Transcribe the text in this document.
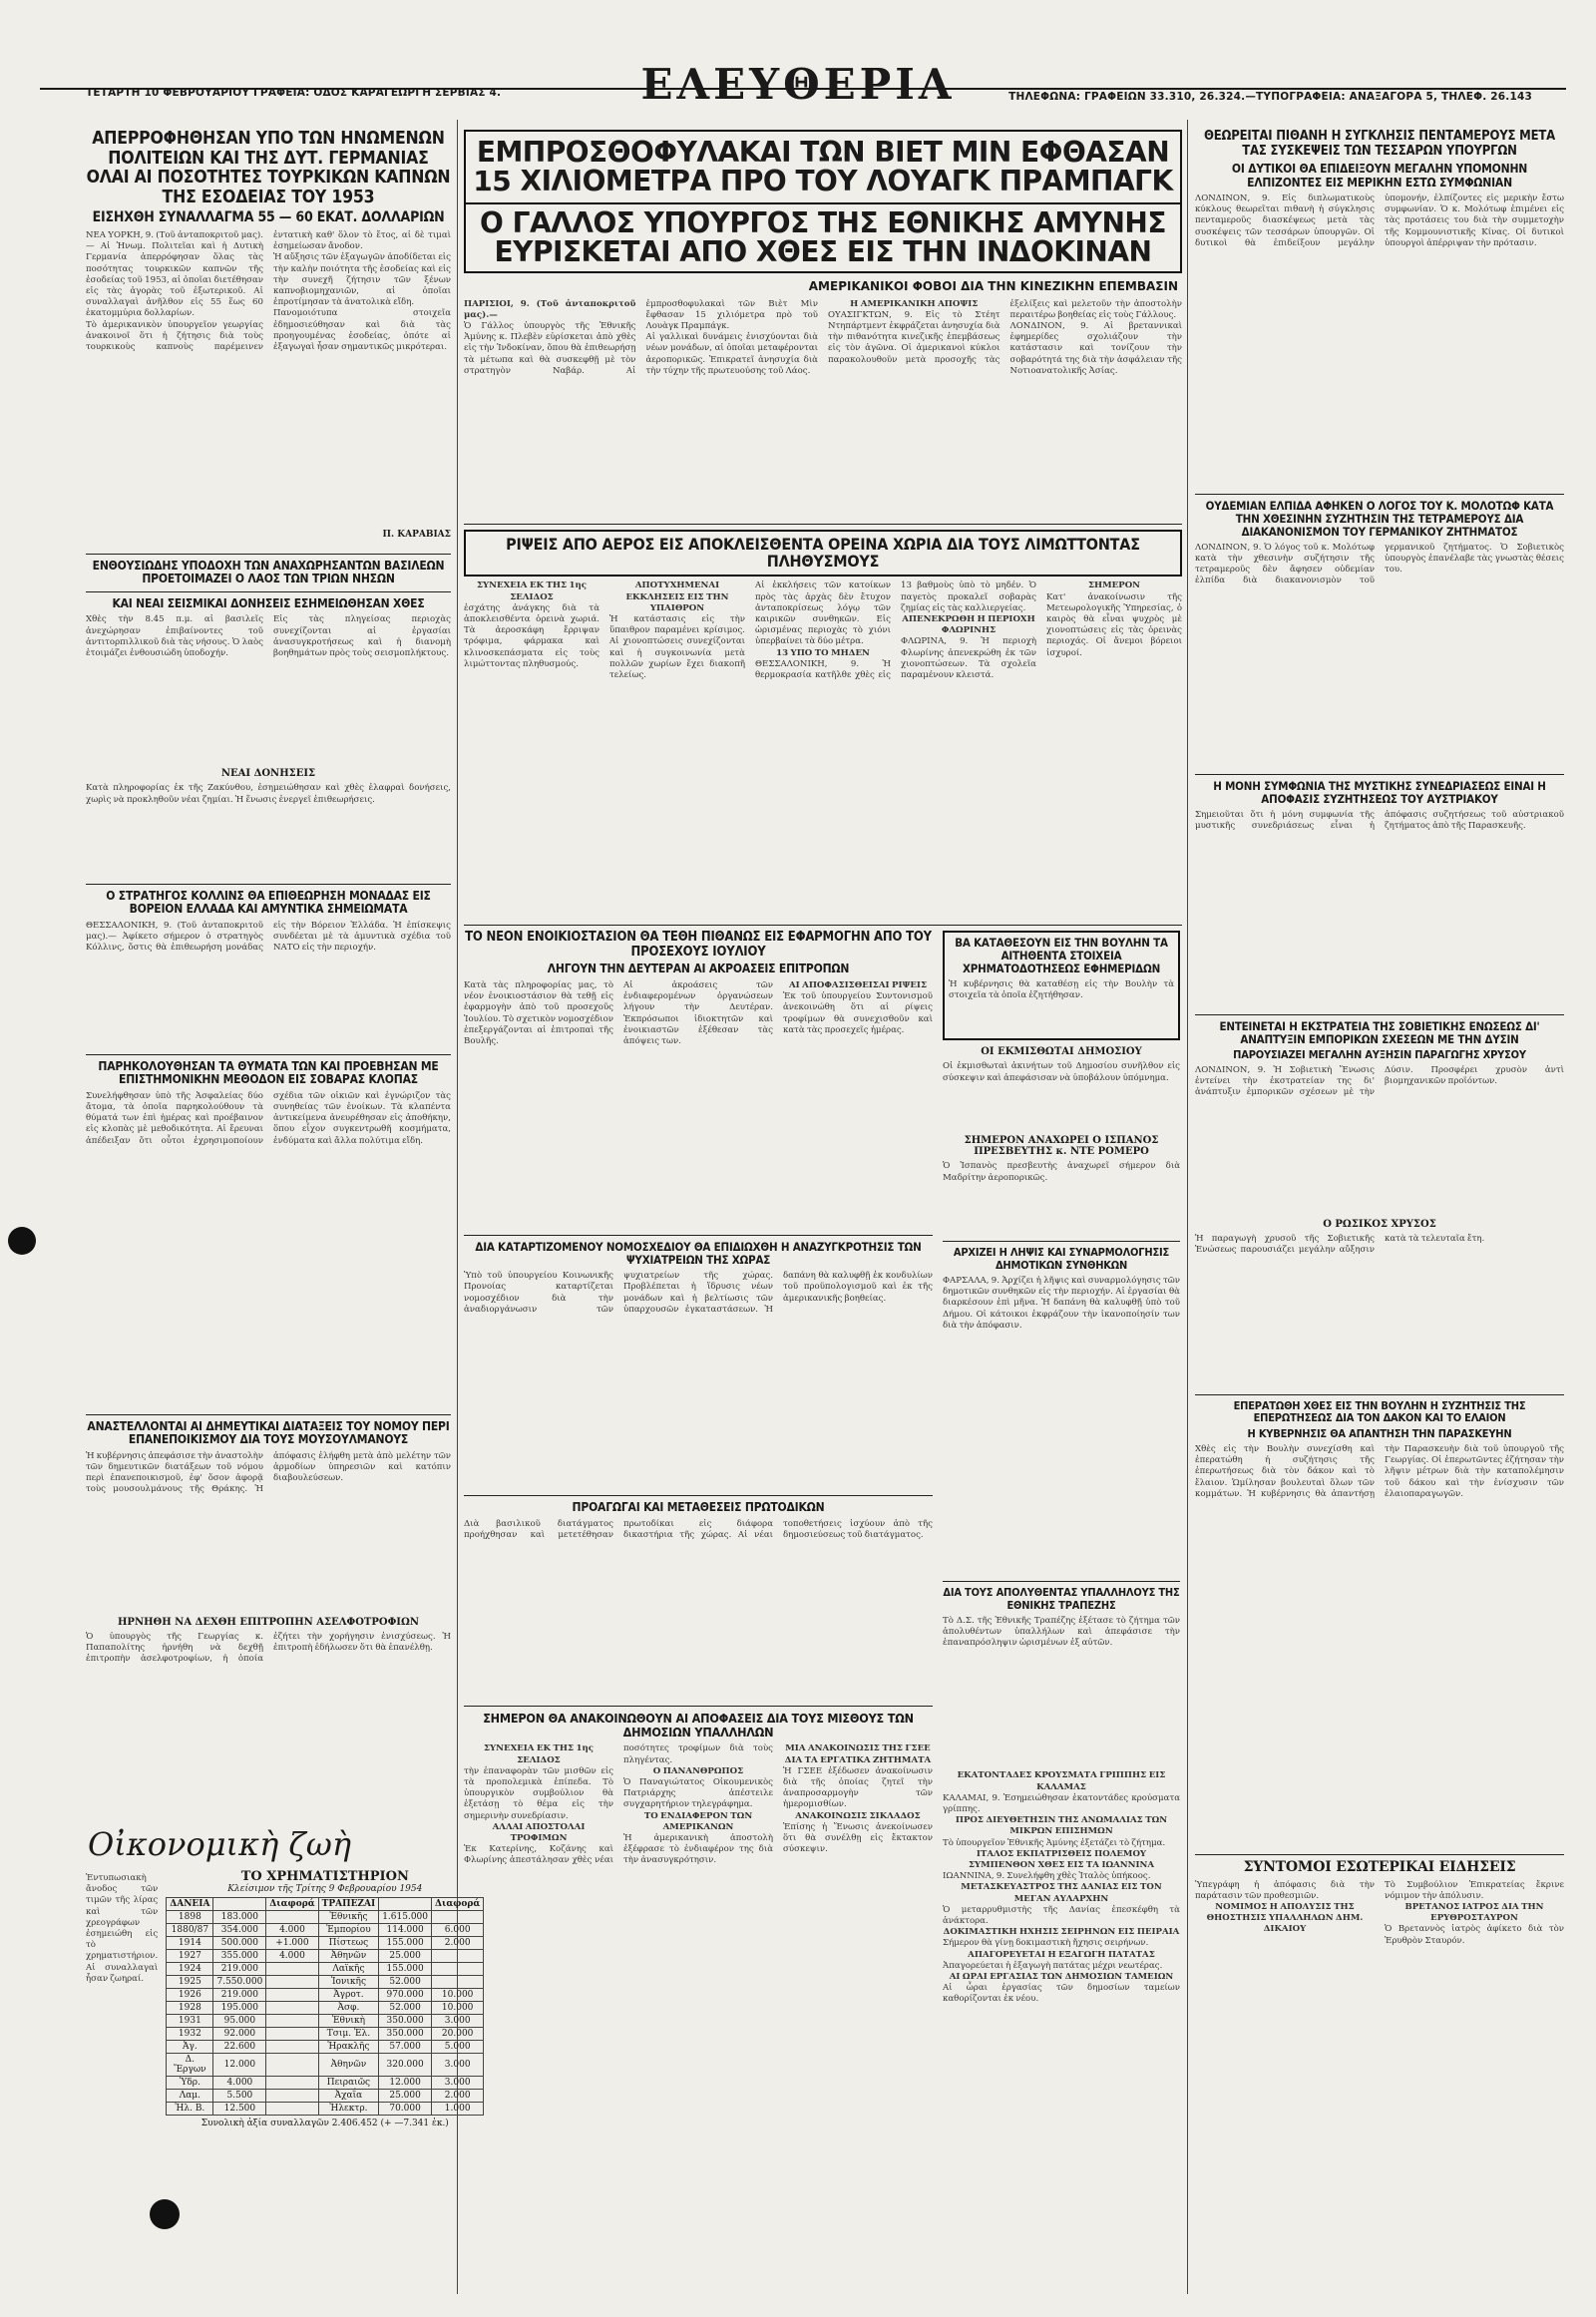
ΤΕΤΑΡΤΗ 10 ΦΕΒΡΟΥΑΡΙΟΥ ΓΡΑΦΕΙΑ: ΟΔΟΣ ΚΑΡΑΓΕΩΡΓΗ ΣΕΡΒΙΑΣ 4.	ΕΛΕΥΘΕΡΙΑ	ΤΗΛΕΦΩΝΑ: ΓΡΑΦΕΙΩΝ 33.310, 26.324.—ΤΥΠΟΓΡΑΦΕΙΑ: ΑΝΑΞΑΓΟΡΑ 5, ΤΗΛΕΦ. 26.143
ΑΠΕΡΡΟΦΗΘΗΣΑΝ ΥΠΟ ΤΩΝ ΗΝΩΜΕΝΩΝ ΠΟΛΙΤΕΙΩΝ ΚΑΙ ΤΗΣ ΔΥΤ. ΓΕΡΜΑΝΙΑΣ ΟΛΑΙ ΑΙ ΠΟΣΟΤΗΤΕΣ ΤΟΥΡΚΙΚΩΝ ΚΑΠΝΩΝ ΤΗΣ ΕΣΟΔΕΙΑΣ ΤΟΥ 1953
ΕΙΣΗΧΘΗ ΣΥΝΑΛΛΑΓΜΑ 55 — 60 ΕΚΑΤ. ΔΟΛΛΑΡΙΩΝ
ΝΕΑ ΥΟΡΚΗ, 9. (Τοῦ ἀνταποκριτοῦ μας).— Αἱ Ἡνωμ. Πολιτεῖαι καὶ ἡ Δυτικὴ Γερμανία ἀπερρόφησαν ὅλας τὰς ποσότητας τουρκικῶν καπνῶν τῆς ἐσοδείας τοῦ 1953, αἱ ὁποῖαι διετέθησαν εἰς τὰς ἀγορὰς τοῦ ἐξωτερικοῦ. Αἱ συναλλαγαὶ ἀνῆλθον εἰς 55 ἕως 60 ἑκατομμύρια δολλαρίων.
Τὸ ἀμερικανικὸν ὑπουργεῖον γεωργίας ἀνακοινοῖ ὅτι ἡ ζήτησις διὰ τοὺς τουρκικοὺς καπνοὺς παρέμεινεν ἐντατικὴ καθ' ὅλον τὸ ἔτος, αἱ δὲ τιμαὶ ἐσημείωσαν ἄνοδον.
Ἡ αὔξησις τῶν ἐξαγωγῶν ἀποδίδεται εἰς τὴν καλὴν ποιότητα τῆς ἐσοδείας καὶ εἰς τὴν συνεχῆ ζήτησιν τῶν ξένων καπνοβιομηχανιῶν, αἱ ὁποῖαι ἐπροτίμησαν τὰ ἀνατολικὰ εἴδη.
Πανομοιότυπα στοιχεῖα ἐδημοσιεύθησαν καὶ διὰ τὰς προηγουμένας ἐσοδείας, ὁπότε αἱ ἐξαγωγαὶ ἦσαν σημαντικῶς μικρότεραι.
Π. ΚΑΡΑΒΙΑΣ
ΕΝΘΟΥΣΙΩΔΗΣ ΥΠΟΔΟΧΗ ΤΩΝ ΑΝΑΧΩΡΗΣΑΝΤΩΝ ΒΑΣΙΛΕΩΝ ΠΡΟΕΤΟΙΜΑΖΕΙ Ο ΛΑΟΣ ΤΩΝ ΤΡΙΩΝ ΝΗΣΩΝ
ΚΑΙ ΝΕΑΙ ΣΕΙΣΜΙΚΑΙ ΔΟΝΗΣΕΙΣ ΕΣΗΜΕΙΩΘΗΣΑΝ ΧΘΕΣ
Χθὲς τὴν 8.45 π.μ. αἱ βασιλεῖς ἀνεχώρησαν ἐπιβαίνοντες τοῦ ἀντιτορπιλλικοῦ διὰ τὰς νήσους. Ὁ λαὸς ἑτοιμάζει ἐνθουσιώδη ὑποδοχήν.
Εἰς τὰς πληγείσας περιοχὰς συνεχίζονται αἱ ἐργασίαι ἀνασυγκροτήσεως καὶ ἡ διανομὴ βοηθημάτων πρὸς τοὺς σεισμοπλήκτους.
ΝΕΑΙ ΔΟΝΗΣΕΙΣ
Κατὰ πληροφορίας ἐκ τῆς Ζακύνθου, ἐσημειώθησαν καὶ χθὲς ἐλαφραὶ δονήσεις, χωρὶς νὰ προκληθοῦν νέαι ζημίαι. Ἡ ἕνωσις ἐνεργεῖ ἐπιθεωρήσεις.
Ο ΣΤΡΑΤΗΓΟΣ ΚΟΛΛΙΝΣ ΘΑ ΕΠΙΘΕΩΡΗΣΗ ΜΟΝΑΔΑΣ ΕΙΣ ΒΟΡΕΙΟΝ ΕΛΛΑΔΑ ΚΑΙ ΑΜΥΝΤΙΚΑ ΣΗΜΕΙΩΜΑΤΑ
ΘΕΣΣΑΛΟΝΙΚΗ, 9. (Τοῦ ἀνταποκριτοῦ μας).— Ἀφίκετο σήμερον ὁ στρατηγὸς Κόλλινς, ὅστις θὰ ἐπιθεωρήση μονάδας εἰς τὴν Βόρειον Ἑλλάδα. Ἡ ἐπίσκεψις συνδέεται μὲ τὰ ἀμυντικὰ σχέδια τοῦ ΝΑΤΟ εἰς τὴν περιοχήν.
ΠΑΡΗΚΟΛΟΥΘΗΣΑΝ ΤΑ ΘΥΜΑΤΑ ΤΩΝ ΚΑΙ ΠΡΟΕΒΗΣΑΝ ΜΕ ΕΠΙΣΤΗΜΟΝΙΚΗΝ ΜΕΘΟΔΟΝ ΕΙΣ ΣΟΒΑΡΑΣ ΚΛΟΠΑΣ
Συνελήφθησαν ὑπὸ τῆς Ἀσφαλείας δύο ἄτομα, τὰ ὁποῖα παρηκολούθουν τὰ θύματά των ἐπὶ ἡμέρας καὶ προέβαινον εἰς κλοπὰς μὲ μεθοδικότητα. Αἱ ἔρευναι ἀπέδειξαν ὅτι οὗτοι ἐχρησιμοποίουν σχέδια τῶν οἰκιῶν καὶ ἐγνώριζον τὰς συνηθείας τῶν ἐνοίκων. Τὰ κλαπέντα ἀντικείμενα ἀνευρέθησαν εἰς ἀποθήκην, ὅπου εἶχον συγκεντρωθῆ κοσμήματα, ἐνδύματα καὶ ἄλλα πολύτιμα εἴδη.
ΑΝΑΣΤΕΛΛΟΝΤΑΙ ΑΙ ΔΗΜΕΥΤΙΚΑΙ ΔΙΑΤΑΞΕΙΣ ΤΟΥ ΝΟΜΟΥ ΠΕΡΙ ΕΠΑΝΕΠΟΙΚΙΣΜΟΥ ΔΙΑ ΤΟΥΣ ΜΟΥΣΟΥΛΜΑΝΟΥΣ
Ἡ κυβέρνησις ἀπεφάσισε τὴν ἀναστολὴν τῶν δημευτικῶν διατάξεων τοῦ νόμου περὶ ἐπανεποικισμοῦ, ἐφ' ὅσον ἀφορᾷ τοὺς μουσουλμάνους τῆς Θράκης. Ἡ ἀπόφασις ἐλήφθη μετὰ ἀπὸ μελέτην τῶν ἁρμοδίων ὑπηρεσιῶν καὶ κατόπιν διαβουλεύσεων.
ΗΡΝΗΘΗ ΝΑ ΔΕΧΘΗ ΕΠΙΤΡΟΠΗΝ ΑΣΕΛΦΟΤΡΟΦΙΩΝ
Ὁ ὑπουργὸς τῆς Γεωργίας κ. Παπαπολίτης ἠρνήθη νὰ δεχθῇ ἐπιτροπὴν ἀσελφοτροφίων, ἡ ὁποία ἐζήτει τὴν χορήγησιν ἐνισχύσεως. Ἡ ἐπιτροπὴ ἐδήλωσεν ὅτι θὰ ἐπανέλθῃ.
Οἰκονομικὴ ζωὴ
Ἐντυπωσιακὴ ἄνοδος τῶν τιμῶν τῆς λίρας καὶ τῶν χρεογράφων ἐσημειώθη εἰς τὸ χρηματιστήριον. Αἱ συναλλαγαὶ ἦσαν ζωηραί.
ΤΟ ΧΡΗΜΑΤΙΣΤΗΡΙΟΝ
Κλείσιμον τῆς Τρίτης 9 Φεβρουαρίου 1954
ΔΑΝΕΙΑ		Διαφορά	ΤΡΑΠΕΖΑΙ		Διαφορά
1898	183.000		Ἐθνικῆς	1.615.000	
1880/87	354.000	4.000	Ἐμπορίου	114.000	6.000
1914	500.000	+1.000	Πίστεως	155.000	2.000
1927	355.000	4.000	Ἀθηνῶν	25.000	
1924	219.000		Λαϊκῆς	155.000	
1925	7.550.000		Ἰονικῆς	52.000	
1926	219.000		Ἀγροτ.	970.000	10.000
1928	195.000		Ἀσφ.	52.000	10.000
1931	95.000		Ἐθνικὴ	350.000	3.000
1932	92.000		Τσιμ. Ἑλ.	350.000	20.000
Ἀγ.	22.600		Ἡρακλῆς	57.000	5.000
Δ. Ἔργων	12.000		Ἀθηνῶν	320.000	3.000
Ὑδρ.	4.000		Πειραιῶς	12.000	3.000
Λαμ.	5.500		Ἀχαΐα	25.000	2.000
Ἠλ. Β.	12.500		Ἠλεκτρ.	70.000	1.000
Συνολικὴ ἀξία συναλλαγῶν 2.406.452 (+ —7.341 ἐκ.)
ΕΜΠΡΟΣΘΟΦΥΛΑΚΑΙ ΤΩΝ ΒΙΕΤ ΜΙΝ ΕΦΘΑΣΑΝ 15 ΧΙΛΙΟΜΕΤΡΑ ΠΡΟ ΤΟΥ ΛΟΥΑΓΚ ΠΡΑΜΠΑΓΚ
Ο ΓΑΛΛΟΣ ΥΠΟΥΡΓΟΣ ΤΗΣ ΕΘΝΙΚΗΣ ΑΜΥΝΗΣ ΕΥΡΙΣΚΕΤΑΙ ΑΠΟ ΧΘΕΣ ΕΙΣ ΤΗΝ ΙΝΔΟΚΙΝΑΝ
ΑΜΕΡΙΚΑΝΙΚΟΙ ΦΟΒΟΙ ΔΙΑ ΤΗΝ ΚΙΝΕΖΙΚΗΝ ΕΠΕΜΒΑΣΙΝ
ΠΑΡΙΣΙΟΙ, 9. (Τοῦ ἀνταποκριτοῦ μας).—
Ὁ Γάλλος ὑπουργὸς τῆς Ἐθνικῆς Ἀμύνης κ. Πλεβὲν εὑρίσκεται ἀπὸ χθὲς εἰς τὴν Ἰνδοκίναν, ὅπου θὰ ἐπιθεωρήσῃ τὰ μέτωπα καὶ θὰ συσκεφθῇ μὲ τὸν στρατηγὸν Ναβάρ. Αἱ ἐμπροσθοφυλακαὶ τῶν Βιὲτ Μὶν ἔφθασαν 15 χιλιόμετρα πρὸ τοῦ Λουὰγκ Πραμπάγκ.
Αἱ γαλλικαὶ δυνάμεις ἐνισχύονται διὰ νέων μονάδων, αἱ ὁποῖαι μεταφέρονται ἀεροπορικῶς. Ἐπικρατεῖ ἀνησυχία διὰ τὴν τύχην τῆς πρωτευούσης τοῦ Λάος.
Η ΑΜΕΡΙΚΑΝΙΚΗ ΑΠΟΨΙΣ
ΟΥΑΣΙΓΚΤΩΝ, 9. Εἰς τὸ Στέητ Ντηπάρτμεντ ἐκφράζεται ἀνησυχία διὰ τὴν πιθανότητα κινεζικῆς ἐπεμβάσεως εἰς τὸν ἀγῶνα. Οἱ ἀμερικανοὶ κύκλοι παρακολουθοῦν μετὰ προσοχῆς τὰς ἐξελίξεις καὶ μελετοῦν τὴν ἀποστολὴν περαιτέρω βοηθείας εἰς τοὺς Γάλλους.
ΛΟΝΔΙΝΟΝ, 9. Αἱ βρεταννικαὶ ἐφημερίδες σχολιάζουν τὴν κατάστασιν καὶ τονίζουν τὴν σοβαρότητά της διὰ τὴν ἀσφάλειαν τῆς Νοτιοανατολικῆς Ἀσίας.
ΡΙΨΕΙΣ ΑΠΟ ΑΕΡΟΣ ΕΙΣ ΑΠΟΚΛΕΙΣΘΕΝΤΑ ΟΡΕΙΝΑ ΧΩΡΙΑ ΔΙΑ ΤΟΥΣ ΛΙΜΩΤΤΟΝΤΑΣ ΠΛΗΘΥΣΜΟΥΣ
ΣΥΝΕΧΕΙΑ ΕΚ ΤΗΣ 1ης ΣΕΛΙΔΟΣ
ἐσχάτης ἀνάγκης διὰ τὰ ἀποκλεισθέντα ὀρεινὰ χωριά. Τὰ ἀεροσκάφη ἔρριψαν τρόφιμα, φάρμακα καὶ κλινοσκεπάσματα εἰς τοὺς λιμώττοντας πληθυσμούς.
ΑΠΟΤΥΧΗΜΕΝΑΙ ΕΚΚΛΗΣΕΙΣ ΕΙΣ ΤΗΝ ΥΠΑΙΘΡΟΝ
Ἡ κατάστασις εἰς τὴν ὕπαιθρον παραμένει κρίσιμος. Αἱ χιονοπτώσεις συνεχίζονται καὶ ἡ συγκοινωνία μετὰ πολλῶν χωρίων ἔχει διακοπῆ τελείως.
Αἱ ἐκκλήσεις τῶν κατοίκων πρὸς τὰς ἀρχὰς δὲν ἔτυχον ἀνταποκρίσεως λόγῳ τῶν καιρικῶν συνθηκῶν. Εἰς ὡρισμένας περιοχὰς τὸ χιόνι ὑπερβαίνει τὰ δύο μέτρα.
13 ΥΠΟ ΤΟ ΜΗΔΕΝ
ΘΕΣΣΑΛΟΝΙΚΗ, 9. Ἡ θερμοκρασία κατῆλθε χθὲς εἰς 13 βαθμοὺς ὑπὸ τὸ μηδέν. Ὁ παγετὸς προκαλεῖ σοβαρὰς ζημίας εἰς τὰς καλλιεργείας.
ΑΠΕΝΕΚΡΩΘΗ Η ΠΕΡΙΟΧΗ ΦΛΩΡΙΝΗΣ
ΦΛΩΡΙΝΑ, 9. Ἡ περιοχὴ Φλωρίνης ἀπενεκρώθη ἐκ τῶν χιονοπτώσεων. Τὰ σχολεῖα παραμένουν κλειστά.
ΣΗΜΕΡΟΝ
Κατ' ἀνακοίνωσιν τῆς Μετεωρολογικῆς Ὑπηρεσίας, ὁ καιρὸς θὰ εἶναι ψυχρὸς μὲ χιονοπτώσεις εἰς τὰς ὀρεινὰς περιοχάς. Οἱ ἄνεμοι βόρειοι ἰσχυροί.
ΤΟ ΝΕΟΝ ΕΝΟΙΚΙΟΣΤΑΣΙΟΝ ΘΑ ΤΕΘΗ ΠΙΘΑΝΩΣ ΕΙΣ ΕΦΑΡΜΟΓΗΝ ΑΠΟ ΤΟΥ ΠΡΟΣΕΧΟΥΣ ΙΟΥΛΙΟΥ
ΛΗΓΟΥΝ ΤΗΝ ΔΕΥΤΕΡΑΝ ΑΙ ΑΚΡΟΑΣΕΙΣ ΕΠΙΤΡΟΠΩΝ
Κατὰ τὰς πληροφορίας μας, τὸ νέον ἐνοικιοστάσιον θὰ τεθῇ εἰς ἐφαρμογὴν ἀπὸ τοῦ προσεχοῦς Ἰουλίου. Τὸ σχετικὸν νομοσχέδιον ἐπεξεργάζονται αἱ ἐπιτροπαὶ τῆς Βουλῆς.
Αἱ ἀκροάσεις τῶν ἐνδιαφερομένων ὀργανώσεων λήγουν τὴν Δευτέραν. Ἐκπρόσωποι ἰδιοκτητῶν καὶ ἐνοικιαστῶν ἐξέθεσαν τὰς ἀπόψεις των.
ΑΙ ΑΠΟΦΑΣΙΣΘΕΙΣΑΙ ΡΙΨΕΙΣ
Ἐκ τοῦ ὑπουργείου Συντονισμοῦ ἀνεκοινώθη ὅτι αἱ ρίψεις τροφίμων θὰ συνεχισθοῦν καὶ κατὰ τὰς προσεχεῖς ἡμέρας.
ΔΙΑ ΚΑΤΑΡΤΙΖΟΜΕΝΟΥ ΝΟΜΟΣΧΕΔΙΟΥ ΘΑ ΕΠΙΔΙΩΧΘΗ Η ΑΝΑΖΥΓΚΡΟΤΗΣΙΣ ΤΩΝ ΨΥΧΙΑΤΡΕΙΩΝ ΤΗΣ ΧΩΡΑΣ
Ὑπὸ τοῦ ὑπουργείου Κοινωνικῆς Προνοίας καταρτίζεται νομοσχέδιον διὰ τὴν ἀναδιοργάνωσιν τῶν ψυχιατρείων τῆς χώρας. Προβλέπεται ἡ ἵδρυσις νέων μονάδων καὶ ἡ βελτίωσις τῶν ὑπαρχουσῶν ἐγκαταστάσεων. Ἡ δαπάνη θὰ καλυφθῇ ἐκ κονδυλίων τοῦ προϋπολογισμοῦ καὶ ἐκ τῆς ἀμερικανικῆς βοηθείας.
ΠΡΟΑΓΩΓΑΙ ΚΑΙ ΜΕΤΑΘΕΣΕΙΣ ΠΡΩΤΟΔΙΚΩΝ
Διὰ βασιλικοῦ διατάγματος προήχθησαν καὶ μετετέθησαν πρωτοδίκαι εἰς διάφορα δικαστήρια τῆς χώρας. Αἱ νέαι τοποθετήσεις ἰσχύουν ἀπὸ τῆς δημοσιεύσεως τοῦ διατάγματος.
ΣΗΜΕΡΟΝ ΘΑ ΑΝΑΚΟΙΝΩΘΟΥΝ ΑΙ ΑΠΟΦΑΣΕΙΣ ΔΙΑ ΤΟΥΣ ΜΙΣΘΟΥΣ ΤΩΝ ΔΗΜΟΣΙΩΝ ΥΠΑΛΛΗΛΩΝ
ΣΥΝΕΧΕΙΑ ΕΚ ΤΗΣ 1ης ΣΕΛΙΔΟΣ
τὴν ἐπαναφορὰν τῶν μισθῶν εἰς τὰ προπολεμικὰ ἐπίπεδα. Τὸ ὑπουργικὸν συμβούλιον θὰ ἐξετάσῃ τὸ θέμα εἰς τὴν σημερινὴν συνεδρίασιν.
ΑΛΛΑΙ ΑΠΟΣΤΟΛΑΙ ΤΡΟΦΙΜΩΝ
Ἐκ Κατερίνης, Κοζάνης καὶ Φλωρίνης ἀπεστάλησαν χθὲς νέαι ποσότητες τροφίμων διὰ τοὺς πληγέντας.
Ο ΠΑΝΑΝΘΡΩΠΟΣ
Ὁ Παναγιώτατος Οἰκουμενικὸς Πατριάρχης ἀπέστειλε συγχαρητήριον τηλεγράφημα.
ΤΟ ΕΝΔΙΑΦΕΡΟΝ ΤΩΝ ΑΜΕΡΙΚΑΝΩΝ
Ἡ ἀμερικανικὴ ἀποστολὴ ἐξέφρασε τὸ ἐνδιαφέρον της διὰ τὴν ἀνασυγκρότησιν.
ΜΙΑ ΑΝΑΚΟΙΝΩΣΙΣ ΤΗΣ ΓΣΕΕ ΔΙΑ ΤΑ ΕΡΓΑΤΙΚΑ ΖΗΤΗΜΑΤΑ
Ἡ ΓΣΕΕ ἐξέδωσεν ἀνακοίνωσιν διὰ τῆς ὁποίας ζητεῖ τὴν ἀναπροσαρμογὴν τῶν ἡμερομισθίων.
ΑΝΑΚΟΙΝΩΣΙΣ ΣΙΚΛΑΔΟΣ
Ἐπίσης ἡ Ἕνωσις ἀνεκοίνωσεν ὅτι θὰ συνέλθῃ εἰς ἔκτακτον σύσκεψιν.
ΒΑ ΚΑΤΑΘΕΣΟΥΝ ΕΙΣ ΤΗΝ ΒΟΥΛΗΝ ΤΑ ΑΙΤΗΘΕΝΤΑ ΣΤΟΙΧΕΙΑ ΧΡΗΜΑΤΟΔΟΤΗΣΕΩΣ ΕΦΗΜΕΡΙΔΩΝ
Ἡ κυβέρνησις θὰ καταθέσῃ εἰς τὴν Βουλὴν τὰ στοιχεῖα τὰ ὁποῖα ἐζητήθησαν.
ΟΙ ΕΚΜΙΣΘΩΤΑΙ ΔΗΜΟΣΙΟΥ
Οἱ ἐκμισθωταὶ ἀκινήτων τοῦ Δημοσίου συνῆλθον εἰς σύσκεψιν καὶ ἀπεφάσισαν νὰ ὑποβάλουν ὑπόμνημα.
ΣΗΜΕΡΟΝ ΑΝΑΧΩΡΕΙ Ο ΙΣΠΑΝΟΣ ΠΡΕΣΒΕΥΤΗΣ κ. ΝΤΕ ΡΟΜΕΡΟ
Ὁ Ἱσπανὸς πρεσβευτὴς ἀναχωρεῖ σήμερον διὰ Μαδρίτην ἀεροπορικῶς.
ΑΡΧΙΖΕΙ Η ΛΗΨΙΣ ΚΑΙ ΣΥΝΑΡΜΟΛΟΓΗΣΙΣ ΔΗΜΟΤΙΚΩΝ ΣΥΝΘΗΚΩΝ
ΦΑΡΣΑΛΑ, 9. Ἀρχίζει ἡ λῆψις καὶ συναρμολόγησις τῶν δημοτικῶν συνθηκῶν εἰς τὴν περιοχήν. Αἱ ἐργασίαι θὰ διαρκέσουν ἐπὶ μῆνα. Ἡ δαπάνη θὰ καλυφθῇ ὑπὸ τοῦ Δήμου. Οἱ κάτοικοι ἐκφράζουν τὴν ἱκανοποίησίν των διὰ τὴν ἀπόφασιν.
ΔΙΑ ΤΟΥΣ ΑΠΟΛΥΘΕΝΤΑΣ ΥΠΑΛΛΗΛΟΥΣ ΤΗΣ ΕΘΝΙΚΗΣ ΤΡΑΠΕΖΗΣ
Τὸ Δ.Σ. τῆς Ἐθνικῆς Τραπέζης ἐξέτασε τὸ ζήτημα τῶν ἀπολυθέντων ὑπαλλήλων καὶ ἀπεφάσισε τὴν ἐπαναπρόσληψιν ὡρισμένων ἐξ αὐτῶν.
ΕΚΑΤΟΝΤΑΔΕΣ ΚΡΟΥΣΜΑΤΑ ΓΡΙΠΠΗΣ ΕΙΣ ΚΑΛΑΜΑΣ
ΚΑΛΑΜΑΙ, 9. Ἐσημειώθησαν ἑκατοντάδες κρούσματα γρίππης.
ΠΡΟΣ ΔΙΕΥΘΕΤΗΣΙΝ ΤΗΣ ΑΝΩΜΑΛΙΑΣ ΤΩΝ ΜΙΚΡΩΝ ΕΠΙΣΗΜΩΝ
Τὸ ὑπουργεῖον Ἐθνικῆς Ἀμύνης ἐξετάζει τὸ ζήτημα.
ΙΤΑΛΟΣ ΕΚΠΑΤΡΙΣΘΕΙΣ ΠΟΛΕΜΟΥ ΣΥΜΠΕΝΘΟΝ ΧΘΕΣ ΕΙΣ ΤΑ ΙΩΑΝΝΙΝΑ
ΙΩΑΝΝΙΝΑ, 9. Συνελήφθη χθὲς Ἰταλὸς ὑπήκοος.
ΜΕΤΑΣΚΕΥΑΣΤΡΟΣ ΤΗΣ ΔΑΝΙΑΣ ΕΙΣ ΤΟΝ ΜΕΓΑΝ ΑΥΛΑΡΧΗΝ
Ὁ μεταρρυθμιστὴς τῆς Δανίας ἐπεσκέφθη τὰ ἀνάκτορα.
ΔΟΚΙΜΑΣΤΙΚΗ ΗΧΗΣΙΣ ΣΕΙΡΗΝΩΝ ΕΙΣ ΠΕΙΡΑΙΑ
Σήμερον θὰ γίνῃ δοκιμαστικὴ ἤχησις σειρήνων.
ΑΠΑΓΟΡΕΥΕΤΑΙ Η ΕΞΑΓΩΓΗ ΠΑΤΑΤΑΣ
Ἀπαγορεύεται ἡ ἐξαγωγὴ πατάτας μέχρι νεωτέρας.
ΑΙ ΩΡΑΙ ΕΡΓΑΣΙΑΣ ΤΩΝ ΔΗΜΟΣΙΩΝ ΤΑΜΕΙΩΝ
Αἱ ὧραι ἐργασίας τῶν δημοσίων ταμείων καθορίζονται ἐκ νέου.
ΘΕΩΡΕΙΤΑΙ ΠΙΘΑΝΗ Η ΣΥΓΚΛΗΣΙΣ ΠΕΝΤΑΜΕΡΟΥΣ ΜΕΤΑ ΤΑΣ ΣΥΣΚΕΨΕΙΣ ΤΩΝ ΤΕΣΣΑΡΩΝ ΥΠΟΥΡΓΩΝ
ΟΙ ΔΥΤΙΚΟΙ ΘΑ ΕΠΙΔΕΙΞΟΥΝ ΜΕΓΑΛΗΝ ΥΠΟΜΟΝΗΝ ΕΛΠΙΖΟΝΤΕΣ ΕΙΣ ΜΕΡΙΚΗΝ ΕΣΤΩ ΣΥΜΦΩΝΙΑΝ
ΛΟΝΔΙΝΟΝ, 9. Εἰς διπλωματικοὺς κύκλους θεωρεῖται πιθανὴ ἡ σύγκλησις πενταμεροῦς διασκέψεως μετὰ τὰς συσκέψεις τῶν τεσσάρων ὑπουργῶν. Οἱ δυτικοὶ θὰ ἐπιδείξουν μεγάλην ὑπομονήν, ἐλπίζοντες εἰς μερικὴν ἔστω συμφωνίαν. Ὁ κ. Μολότωφ ἐπιμένει εἰς τὰς προτάσεις του διὰ τὴν συμμετοχὴν τῆς Κομμουνιστικῆς Κίνας. Οἱ δυτικοὶ ὑπουργοὶ ἀπέρριψαν τὴν πρότασιν.
ΟΥΔΕΜΙΑΝ ΕΛΠΙΔΑ ΑΦΗΚΕΝ Ο ΛΟΓΟΣ ΤΟΥ Κ. ΜΟΛΟΤΩΦ ΚΑΤΑ ΤΗΝ ΧΘΕΣΙΝΗΝ ΣΥΖΗΤΗΣΙΝ ΤΗΣ ΤΕΤΡΑΜΕΡΟΥΣ ΔΙΑ ΔΙΑΚΑΝΟΝΙΣΜΟΝ ΤΟΥ ΓΕΡΜΑΝΙΚΟΥ ΖΗΤΗΜΑΤΟΣ
ΛΟΝΔΙΝΟΝ, 9. Ὁ λόγος τοῦ κ. Μολότωφ κατὰ τὴν χθεσινὴν συζήτησιν τῆς τετραμεροῦς δὲν ἄφησεν οὐδεμίαν ἐλπίδα διὰ διακανονισμὸν τοῦ γερμανικοῦ ζητήματος. Ὁ Σοβιετικὸς ὑπουργὸς ἐπανέλαβε τὰς γνωστὰς θέσεις του.
Η ΜΟΝΗ ΣΥΜΦΩΝΙΑ ΤΗΣ ΜΥΣΤΙΚΗΣ ΣΥΝΕΔΡΙΑΣΕΩΣ ΕΙΝΑΙ Η ΑΠΟΦΑΣΙΣ ΣΥΖΗΤΗΣΕΩΣ ΤΟΥ ΑΥΣΤΡΙΑΚΟΥ
Σημειοῦται ὅτι ἡ μόνη συμφωνία τῆς μυστικῆς συνεδριάσεως εἶναι ἡ ἀπόφασις συζητήσεως τοῦ αὐστριακοῦ ζητήματος ἀπὸ τῆς Παρασκευῆς.
ΕΝΤΕΙΝΕΤΑΙ Η ΕΚΣΤΡΑΤΕΙΑ ΤΗΣ ΣΟΒΙΕΤΙΚΗΣ ΕΝΩΣΕΩΣ ΔΙ' ΑΝΑΠΤΥΞΙΝ ΕΜΠΟΡΙΚΩΝ ΣΧΕΣΕΩΝ ΜΕ ΤΗΝ ΔΥΣΙΝ
ΠΑΡΟΥΣΙΑΖΕΙ ΜΕΓΑΛΗΝ ΑΥΞΗΣΙΝ ΠΑΡΑΓΩΓΗΣ ΧΡΥΣΟΥ
ΛΟΝΔΙΝΟΝ, 9. Ἡ Σοβιετικὴ Ἕνωσις ἐντείνει τὴν ἐκστρατείαν της δι' ἀνάπτυξιν ἐμπορικῶν σχέσεων μὲ τὴν Δύσιν. Προσφέρει χρυσὸν ἀντὶ βιομηχανικῶν προϊόντων.
Ο ΡΩΣΙΚΟΣ ΧΡΥΣΟΣ
Ἡ παραγωγὴ χρυσοῦ τῆς Σοβιετικῆς Ἑνώσεως παρουσιάζει μεγάλην αὔξησιν κατὰ τὰ τελευταῖα ἔτη.
ΕΠΕΡΑΤΩΘΗ ΧΘΕΣ ΕΙΣ ΤΗΝ ΒΟΥΛΗΝ Η ΣΥΖΗΤΗΣΙΣ ΤΗΣ ΕΠΕΡΩΤΗΣΕΩΣ ΔΙΑ ΤΟΝ ΔΑΚΟΝ ΚΑΙ ΤΟ ΕΛΑΙΟΝ
Η ΚΥΒΕΡΝΗΣΙΣ ΘΑ ΑΠΑΝΤΗΣΗ ΤΗΝ ΠΑΡΑΣΚΕΥΗΝ
Χθὲς εἰς τὴν Βουλὴν συνεχίσθη καὶ ἐπερατώθη ἡ συζήτησις τῆς ἐπερωτήσεως διὰ τὸν δάκον καὶ τὸ ἔλαιον. Ὡμίλησαν βουλευταὶ ὅλων τῶν κομμάτων. Ἡ κυβέρνησις θὰ ἀπαντήσῃ τὴν Παρασκευὴν διὰ τοῦ ὑπουργοῦ τῆς Γεωργίας. Οἱ ἐπερωτῶντες ἐζήτησαν τὴν λῆψιν μέτρων διὰ τὴν καταπολέμησιν τοῦ δάκου καὶ τὴν ἐνίσχυσιν τῶν ἐλαιοπαραγωγῶν.
ΣΥΝΤΟΜΟΙ ΕΣΩΤΕΡΙΚΑΙ ΕΙΔΗΣΕΙΣ
Ὑπεγράφη ἡ ἀπόφασις διὰ τὴν παράτασιν τῶν προθεσμιῶν.
ΝΟΜΙΜΟΣ Η ΑΠΟΛΥΣΙΣ ΤΗΣ ΘΗΟΣΤΗΣΙΣ ΥΠΑΛΛΗΛΩΝ ΔΗΜ. ΔΙΚΑΙΟΥ
Τὸ Συμβούλιον Ἐπικρατείας ἔκρινε νόμιμον τὴν ἀπόλυσιν.
ΒΡΕΤΑΝΟΣ ΙΑΤΡΟΣ ΔΙΑ ΤΗΝ ΕΡΥΘΡΟΣΤΑΥΡΟΝ
Ὁ Βρεταννὸς ἰατρὸς ἀφίκετο διὰ τὸν Ἐρυθρὸν Σταυρόν.
